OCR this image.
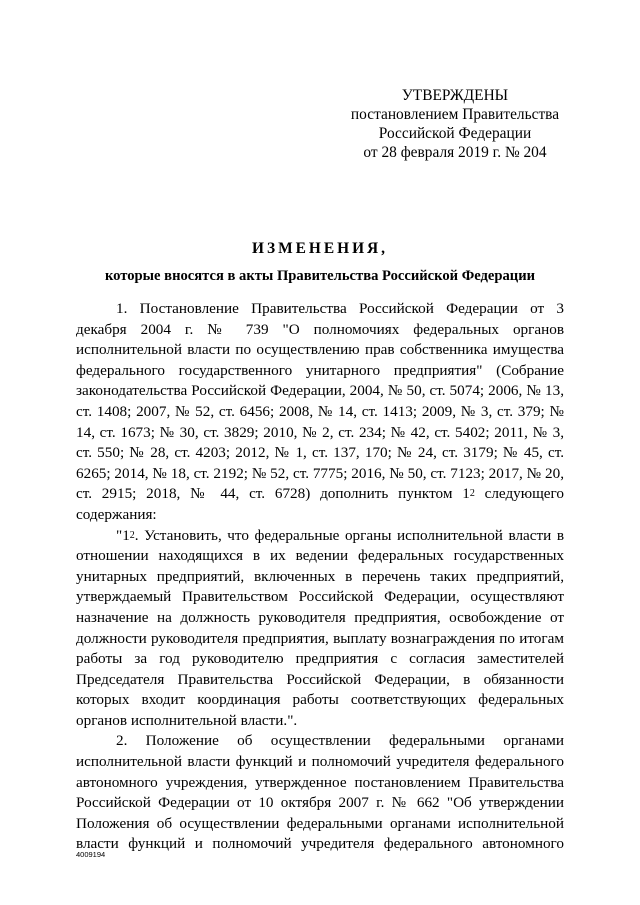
УТВЕРЖДЕНЫ
постановлением Правительства
Российской Федерации
от 28 февраля 2019 г. № 204
ИЗМЕНЕНИЯ,
которые вносятся в акты Правительства Российской Федерации

1. Постановление Правительства Российской Федерации от 3 декабря 2004 г. № 739 "О полномочиях федеральных органов исполнительной власти по осуществлению прав собственника имущества федерального государственного унитарного предприятия" (Собрание законодательства Российской Федерации, 2004, № 50, ст. 5074; 2006, № 13, ст. 1408; 2007, № 52, ст. 6456; 2008, № 14, ст. 1413; 2009, № 3, ст. 379; № 14, ст. 1673; № 30, ст. 3829; 2010, № 2, ст. 234; № 42, ст. 5402; 2011, № 3, ст. 550; № 28, ст. 4203; 2012, № 1, ст. 137, 170; № 24, ст. 3179; № 45, ст. 6265; 2014, № 18, ст. 2192; № 52, ст. 7775; 2016, № 50, ст. 7123; 2017, № 20, ст. 2915; 2018, № 44, ст. 6728) дополнить пунктом $1^2$ следующего содержания:

"$1^2$. Установить, что федеральные органы исполнительной власти в отношении находящихся в их ведении федеральных государственных унитарных предприятий, включенных в перечень таких предприятий, утверждаемый Правительством Российской Федерации, осуществляют назначение на должность руководителя предприятия, освобождение от должности руководителя предприятия, выплату вознаграждения по итогам работы за год руководителю предприятия с согласия заместителей Председателя Правительства Российской Федерации, в обязанности которых входит координация работы соответствующих федеральных органов исполнительной власти.".

2. Положение об осуществлении федеральными органами исполнительной власти функций и полномочий учредителя федерального автономного учреждения, утвержденное постановлением Правительства Российской Федерации от 10 октября 2007 г. № 662 "Об утверждении Положения об осуществлении федеральными органами исполнительной власти функций и полномочий учредителя федерального автономного

4009194
